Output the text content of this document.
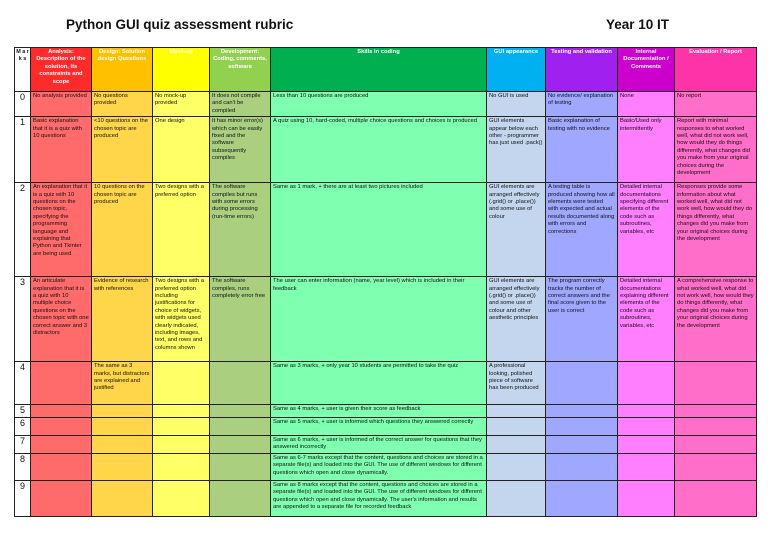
Python GUI quiz assessment rubric	Year 10 IT
M a r k s	Analysis: Description of the solution, its constraints and scope	Design: Solution design Questions	Mock-up	Development: Coding, comments, software	Skills in coding	GUI appearance	Testing and validation	Internal Documentation / Comments	Evaluation / Report
0	No analysis provided	No questions provided	No mock-up provided	It does not compile and can't be compiled	Less than 10 questions are produced	No GUI is used	No evidence/ explanation of testing	None	No report
1	Basic explanation that it is a quiz with 10 questions	<10 questions on the chosen topic are produced	One design	It has minor error(s) which can be easily fixed and the software subsequently compiles	A quiz using 10, hard-coded, multiple choice questions and choices is produced	GUI elements appear below each other - programmer has just used .pack()	Basic explanation of testing with no evidence	Basic/Used only intermittently	Report with minimal responses to what worked well, what did not work well, how would they do things differently, what changes did you make from your original choices during the development
2	An explanation that it is a quiz with 10 questions on the chosen topic, specifying the programming language and explaining that Python and Tkinter are being used	10 questions on the chosen topic are produced	Two designs with a preferred option	The software compiles but runs with some errors during processing (run-time errors)	Same as 1 mark, + there are at least two pictures included	GUI elements are arranged effectively (.grid() or .place()) and some use of colour	A testing table is produced showing how all elements were tested with expected and actual results documented along with errors and corrections	Detailed internal documentations specifying different elements of the code such as subroutines, variables, etc	Responses provide some information about what worked well, what did not work well, how would they do things differently, what changes did you make from your original choices during the development
3	An articulate explanation that it is a quiz with 10 multiple choice questions on the chosen topic with one correct answer and 3 distractors	Evidence of research with references	Two designs with a preferred option including justifications for choice of widgets, with widgets used clearly indicated, including images, text, and rows and columns shown	The software compiles, runs completely error free	The user can enter information (name, year level) which is included in their feedback	GUI elements are arranged effectively (.grid() or .place()) and some use of colour and other aesthetic principles	The program correctly tracks the number of correct answers and the final score given to the user is correct	Detailed internal documentations explaining different elements of the code such as subroutines, variables, etc	A comprehensive response to what worked well, what did not work well, how would they do things differently, what changes did you make from your original choices during the development
4		The same as 3 marks, but distractors are explained and justified			Same as 3 marks, + only year 10 students are permitted to take the quiz	A professional looking, polished piece of software has been produced			
5					Same as 4 marks, + user is given their score as feedback				
6					Same as 5 marks, + user is informed which questions they answered correctly				
7					Same as 6 marks, + user is informed of the correct answer for questions that they answered incorrectly				
8					Same as 6-7 marks except that the content, questions and choices are stored in a separate file(s) and loaded into the GUI. The use of different windows for different questions which open and close dynamically.				
9					Same as 8 marks except that the content, questions and choices are stored in a separate file(s) and loaded into the GUI. The use of different windows for different questions which open and close dynamically. The user's information and results are appended to a separate file for recorded feedback				
